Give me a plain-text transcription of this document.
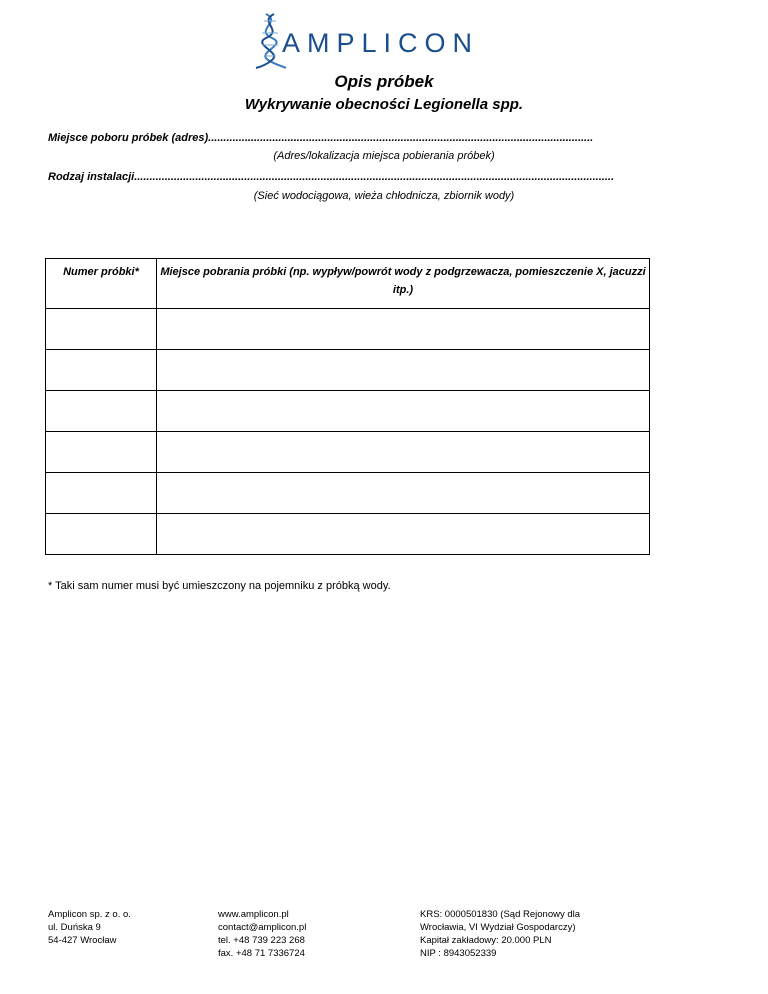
AMPLICON
Opis próbek
Wykrywanie obecności Legionella spp.
Miejsce poboru próbek (adres)..............................................................................................................................
(Adres/lokalizacja miejsca pobierania próbek)
Rodzaj instalacji.............................................................................................................................................................
(Sieć wodociągowa, wieża chłodnicza, zbiornik wody)
Numer próbki*	Miejsce pobrania próbki (np. wypływ/powrót wody z podgrzewacza, pomieszczenie X, jacuzzi itp.)

* Taki sam numer musi być umieszczony na pojemniku z próbką wody.
Amplicon sp. z o. o.
ul. Duńska 9
54-427 Wrocław
www.amplicon.pl
contact@amplicon.pl
tel. +48 739 223 268
fax. +48 71 7336724
KRS: 0000501830 (Sąd Rejonowy dla
Wrocławia, VI Wydział Gospodarczy)
Kapitał zakładowy: 20.000 PLN
NIP : 8943052339
